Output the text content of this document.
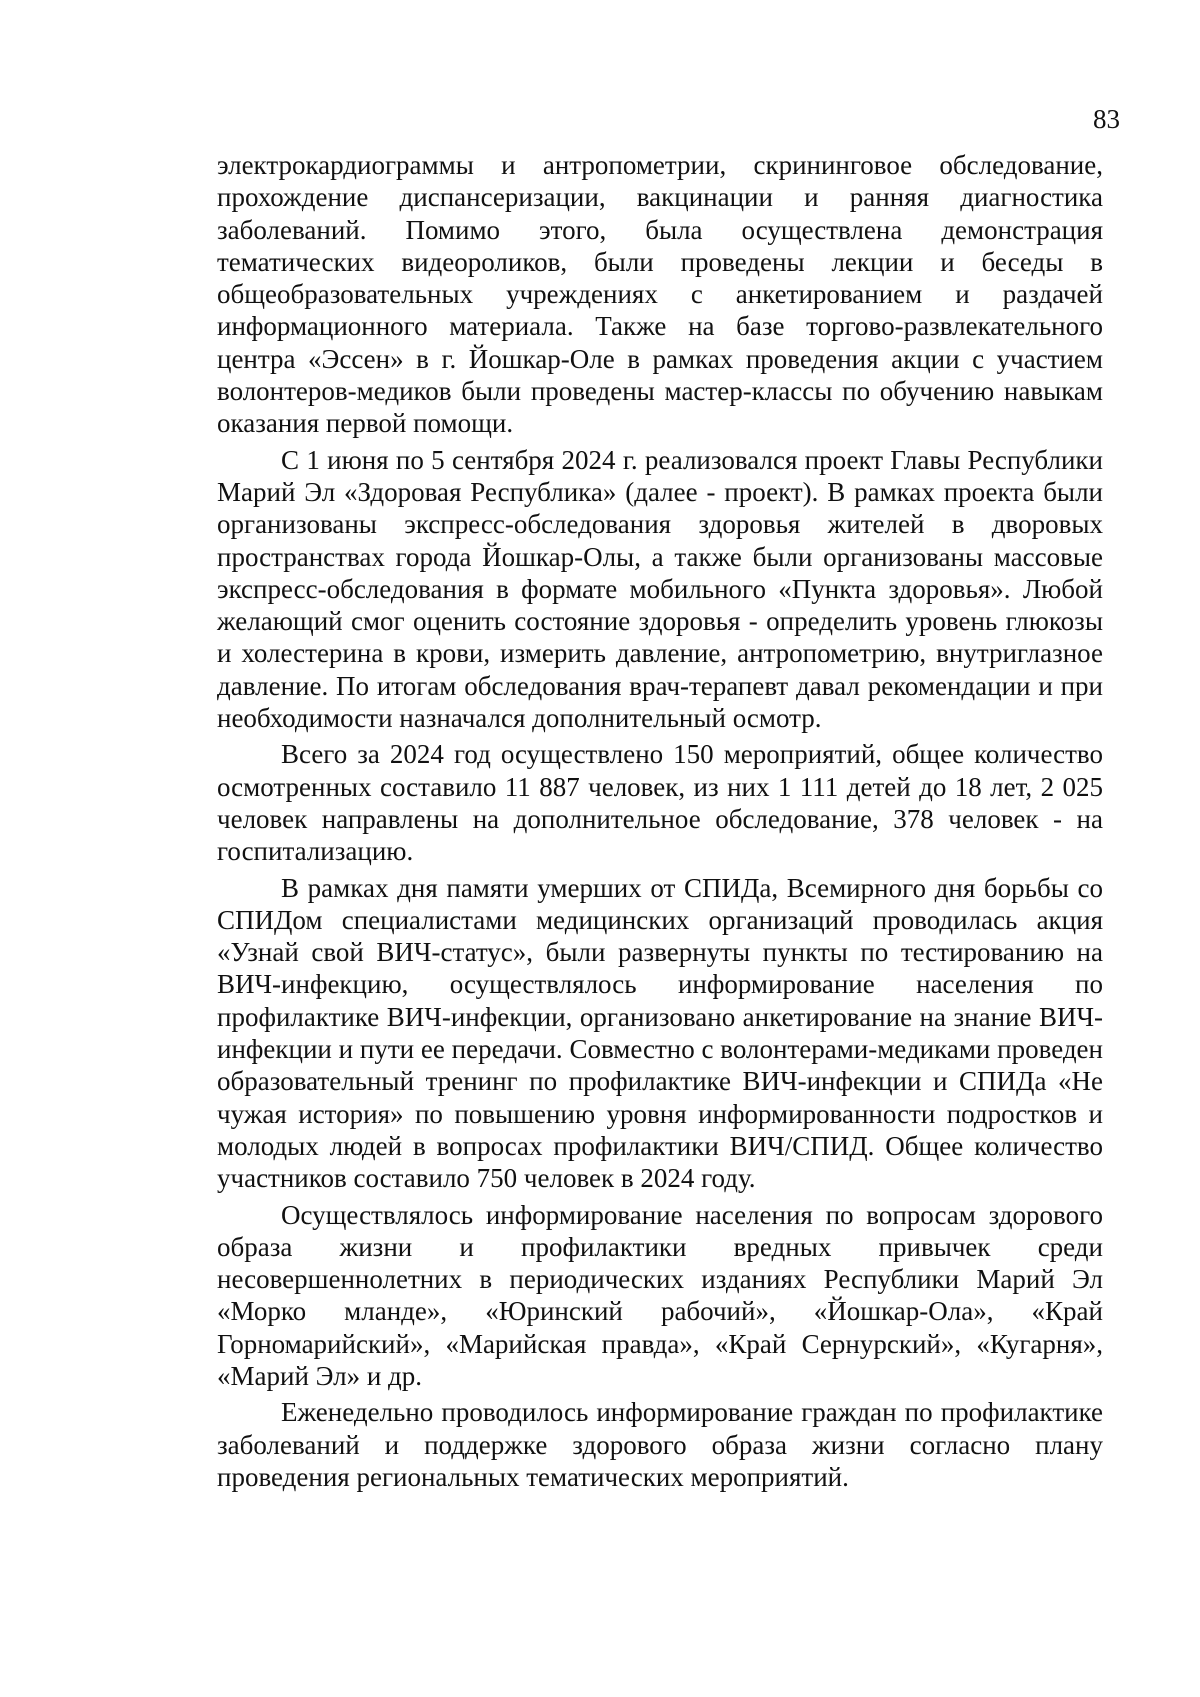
83

электрокардиограммы и антропометрии, скрининговое обследование, прохождение диспансеризации, вакцинации и ранняя диагностика заболеваний. Помимо этого, была осуществлена демонстрация тематических видеороликов, были проведены лекции и беседы в общеобразовательных учреждениях с анкетированием и раздачей информационного материала. Также на базе торгово-развлекательного центра «Эссен» в г. Йошкар-Оле в рамках проведения акции с участием волонтеров-медиков были проведены мастер-классы по обучению навыкам оказания первой помощи.

С 1 июня по 5 сентября 2024 г. реализовался проект Главы Республики Марий Эл «Здоровая Республика» (далее - проект). В рамках проекта были организованы экспресс-обследования здоровья жителей в дворовых пространствах города Йошкар-Олы, а также были организованы массовые экспресс-обследования в формате мобильного «Пункта здоровья». Любой желающий смог оценить состояние здоровья - определить уровень глюкозы и холестерина в крови, измерить давление, антропометрию, внутриглазное давление. По итогам обследования врач-терапевт давал рекомендации и при необходимости назначался дополнительный осмотр.

Всего за 2024 год осуществлено 150 мероприятий, общее количество осмотренных составило 11 887 человек, из них 1 111 детей до 18 лет, 2 025 человек направлены на дополнительное обследование, 378 человек - на госпитализацию.

В рамках дня памяти умерших от СПИДа, Всемирного дня борьбы со СПИДом специалистами медицинских организаций проводилась акция «Узнай свой ВИЧ-статус», были развернуты пункты по тестированию на ВИЧ-инфекцию, осуществлялось информирование населения по профилактике ВИЧ-инфекции, организовано анкетирование на знание ВИЧ-инфекции и пути ее передачи. Совместно с волонтерами-медиками проведен образовательный тренинг по профилактике ВИЧ-инфекции и СПИДа «Не чужая история» по повышению уровня информированности подростков и молодых людей в вопросах профилактики ВИЧ/СПИД. Общее количество участников составило 750 человек в 2024 году.

Осуществлялось информирование населения по вопросам здорового образа жизни и профилактики вредных привычек среди несовершеннолетних в периодических изданиях Республики Марий Эл «Морко мланде», «Юринский рабочий», «Йошкар-Ола», «Край Горномарийский», «Марийская правда», «Край Сернурский», «Кугарня», «Марий Эл» и др.

Еженедельно проводилось информирование граждан по профилактике заболеваний и поддержке здорового образа жизни согласно плану проведения региональных тематических мероприятий.
